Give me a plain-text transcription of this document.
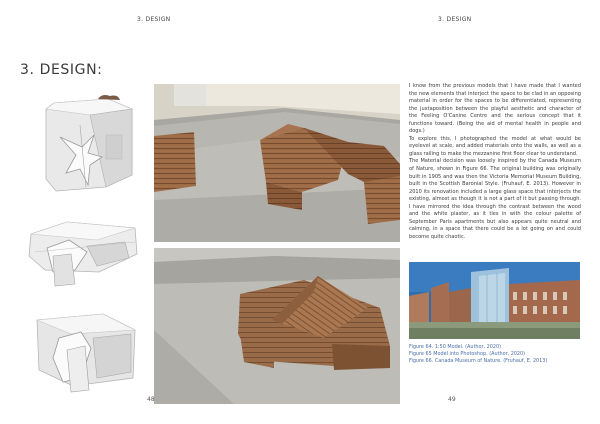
3. DESIGN	3. DESIGN
3. DESIGN:

I know from the previous models that I have made that I wanted the new elements that interject the space to be clad in an opposing material in order for the spaces to be differentiated, representing the juxtaposition between the playful aesthetic and character of the Feeling O'Canine Centre and the serious concept that it functions toward. (Being the aid of mental health in people and dogs.)

To explore this, I photographed the model at what would be eyelevel at scale, and added materials onto the walls, as well as a glass railing to make the mezzanine first floor clear to understand.

The Material decision was loosely inspired by the Canada Museum of Nature, shown in Figure 66. The original building was originally built in 1905 and was then the Victoria Memorial Museum Building, built in the Scottish Baronial Style. (Fruhauf, E. 2013). However in 2010 its renovation included a large glass space that interjects the existing, almost as though it is not a part of it but passing through. I have mirrored the idea through the contrast between the wood and the white plaster, as it ties in with the colour palette of September Paris apartments but also appears quite neutral and calming, in a space that there could be a lot going on and could become quite chaotic.

Figure 64. 1:50 Model. (Author, 2020)
Figure 65 Model into Photoshop. (Author, 2020)
Figure 66. Canada Museum of Nature. (Fruhauf, E. 2013)
48	49
